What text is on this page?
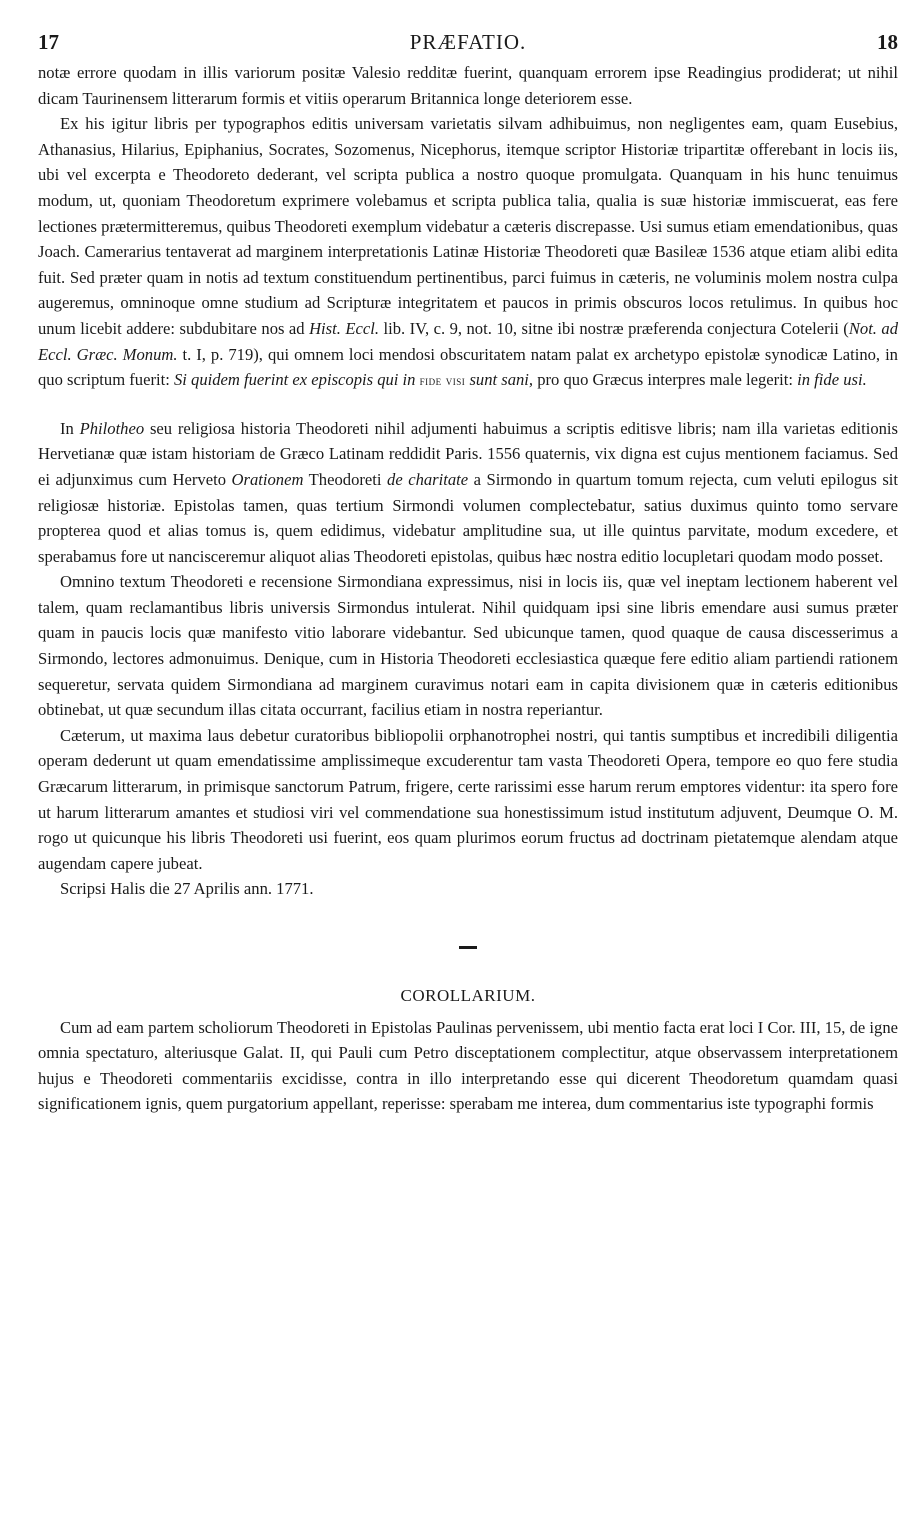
17	PRÆFATIO.	18

notæ errore quodam in illis variorum positæ Valesio redditæ fuerint, quanquam errorem ipse Readingius prodiderat; ut nihil dicam Taurinensem litterarum formis et vitiis operarum Britannica longe deteriorem esse.

Ex his igitur libris per typographos editis universam varietatis silvam adhibuimus, non negligentes eam, quam Eusebius, Athanasius, Hilarius, Epiphanius, Socrates, Sozomenus, Nicephorus, itemque scriptor Historiæ tripartitæ offerebant in locis iis, ubi vel excerpta e Theodoreto dederant, vel scripta publica a nostro quoque promulgata. Quanquam in his hunc tenuimus modum, ut, quoniam Theodoretum exprimere volebamus et scripta publica talia, qualia is suæ historiæ immiscuerat, eas fere lectiones prætermitteremus, quibus Theodoreti exemplum videbatur a cæteris discrepasse. Usi sumus etiam emendationibus, quas Joach. Camerarius tentaverat ad marginem interpretationis Latinæ Historiæ Theodoreti quæ Basileæ 1536 atque etiam alibi edita fuit. Sed præter quam in notis ad textum constituendum pertinentibus, parci fuimus in cæteris, ne voluminis molem nostra culpa augeremus, omninoque omne studium ad Scripturæ integritatem et paucos in primis obscuros locos retulimus. In quibus hoc unum licebit addere: subdubitare nos ad Hist. Eccl. lib. IV, c. 9, not. 10, sitne ibi nostræ præferenda conjectura Cotelerii (Not. ad Eccl. Græc. Monum. t. I, p. 719), qui omnem loci mendosi obscuritatem natam palat ex archetypo epistolæ synodicæ Latino, in quo scriptum fuerit: Si quidem fuerint ex episcopis qui in fide visi sunt sani, pro quo Græcus interpres male legerit: in fide usi.

In Philotheo seu religiosa historia Theodoreti nihil adjumenti habuimus a scriptis editisve libris; nam illa varietas editionis Hervetianæ quæ istam historiam de Græco Latinam reddidit Paris. 1556 quaternis, vix digna est cujus mentionem faciamus. Sed ei adjunximus cum Herveto Orationem Theodoreti de charitate a Sirmondo in quartum tomum rejecta, cum veluti epilogus sit religiosæ historiæ. Epistolas tamen, quas tertium Sirmondi volumen complectebatur, satius duximus quinto tomo servare propterea quod et alias tomus is, quem edidimus, videbatur amplitudine sua, ut ille quintus parvitate, modum excedere, et sperabamus fore ut nancisceremur aliquot alias Theodoreti epistolas, quibus hæc nostra editio locupletari quodam modo posset.

Omnino textum Theodoreti e recensione Sirmondiana expressimus, nisi in locis iis, quæ vel ineptam lectionem haberent vel talem, quam reclamantibus libris universis Sirmondus intulerat. Nihil quidquam ipsi sine libris emendare ausi sumus præter quam in paucis locis quæ manifesto vitio laborare videbantur. Sed ubicunque tamen, quod quaque de causa discesserimus a Sirmondo, lectores admonuimus. Denique, cum in Historia Theodoreti ecclesiastica quæque fere editio aliam partiendi rationem sequeretur, servata quidem Sirmondiana ad marginem curavimus notari eam in capita divisionem quæ in cæteris editionibus obtinebat, ut quæ secundum illas citata occurrant, facilius etiam in nostra reperiantur.

Cæterum, ut maxima laus debetur curatoribus bibliopolii orphanotrophei nostri, qui tantis sumptibus et incredibili diligentia operam dederunt ut quam emendatissime amplissimeque excuderentur tam vasta Theodoreti Opera, tempore eo quo fere studia Græcarum litterarum, in primisque sanctorum Patrum, frigere, certe rarissimi esse harum rerum emptores videntur: ita spero fore ut harum litterarum amantes et studiosi viri vel commendatione sua honestissimum istud institutum adjuvent, Deumque O. M. rogo ut quicunque his libris Theodoreti usi fuerint, eos quam plurimos eorum fructus ad doctrinam pietatemque alendam atque augendam capere jubeat.

Scripsi Halis die 27 Aprilis ann. 1771.

COROLLARIUM.

Cum ad eam partem scholiorum Theodoreti in Epistolas Paulinas pervenissem, ubi mentio facta erat loci I Cor. III, 15, de igne omnia spectaturo, alteriusque Galat. II, qui Pauli cum Petro disceptationem complectitur, atque observassem interpretationem hujus e Theodoreti commentariis excidisse, contra in illo interpretando esse qui dicerent Theodoretum quamdam quasi significationem ignis, quem purgatorium appellant, reperisse: sperabam me interea, dum commentarius iste typographi formis
